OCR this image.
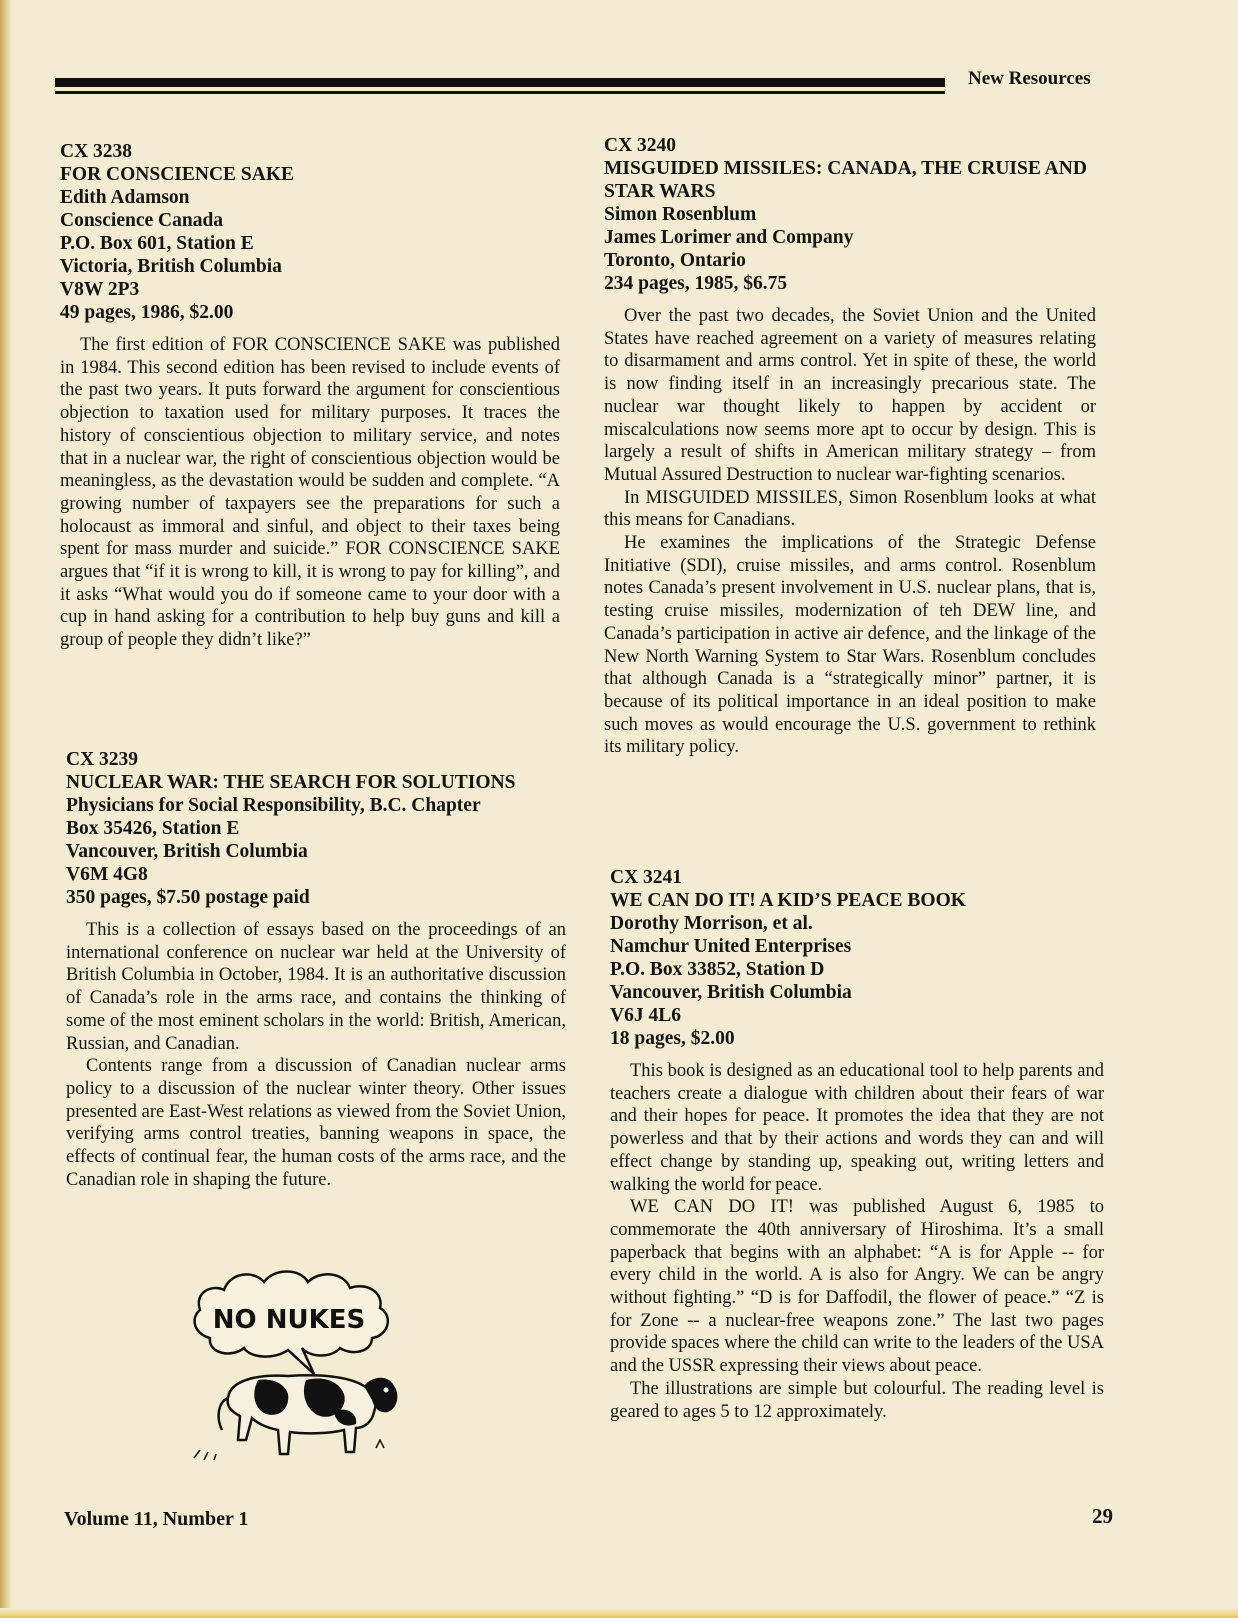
New Resources
CX 3238
FOR CONSCIENCE SAKE
Edith Adamson
Conscience Canada
P.O. Box 601, Station E
Victoria, British Columbia
V8W 2P3
49 pages, 1986, $2.00

The first edition of FOR CONSCIENCE SAKE was published in 1984. This second edition has been revised to include events of the past two years. It puts forward the argument for conscientious objection to taxation used for military purposes. It traces the history of conscientious objection to military service, and notes that in a nuclear war, the right of conscientious objection would be meaningless, as the devastation would be sudden and complete. “A growing number of taxpayers see the preparations for such a holocaust as immoral and sinful, and object to their taxes being spent for mass murder and suicide.” FOR CONSCIENCE SAKE argues that “if it is wrong to kill, it is wrong to pay for killing”, and it asks “What would you do if someone came to your door with a cup in hand asking for a contribution to help buy guns and kill a group of people they didn’t like?”

CX 3239
NUCLEAR WAR: THE SEARCH FOR SOLUTIONS
Physicians for Social Responsibility, B.C. Chapter
Box 35426, Station E
Vancouver, British Columbia
V6M 4G8
350 pages, $7.50 postage paid

This is a collection of essays based on the proceedings of an international conference on nuclear war held at the University of British Columbia in October, 1984. It is an authoritative discussion of Canada’s role in the arms race, and contains the thinking of some of the most eminent scholars in the world: British, American, Russian, and Canadian.

Contents range from a discussion of Canadian nuclear arms policy to a discussion of the nuclear winter theory. Other issues presented are East-West relations as viewed from the Soviet Union, verifying arms control treaties, banning weapons in space, the effects of continual fear, the human costs of the arms race, and the Canadian role in shaping the future.

CX 3240
MISGUIDED MISSILES: CANADA, THE CRUISE AND STAR WARS
Simon Rosenblum
James Lorimer and Company
Toronto, Ontario
234 pages, 1985, $6.75

Over the past two decades, the Soviet Union and the United States have reached agreement on a variety of measures relating to disarmament and arms control. Yet in spite of these, the world is now finding itself in an increasingly precarious state. The nuclear war thought likely to happen by accident or miscalculations now seems more apt to occur by design. This is largely a result of shifts in American military strategy – from Mutual Assured Destruction to nuclear war-fighting scenarios.

In MISGUIDED MISSILES, Simon Rosenblum looks at what this means for Canadians.

He examines the implications of the Strategic Defense Initiative (SDI), cruise missiles, and arms control. Rosenblum notes Canada’s present involvement in U.S. nuclear plans, that is, testing cruise missiles, modernization of teh DEW line, and Canada’s participation in active air defence, and the linkage of the New North Warning System to Star Wars. Rosenblum concludes that although Canada is a “strategically minor” partner, it is because of its political importance in an ideal position to make such moves as would encourage the U.S. government to rethink its military policy.

CX 3241
WE CAN DO IT! A KID’S PEACE BOOK
Dorothy Morrison, et al.
Namchur United Enterprises
P.O. Box 33852, Station D
Vancouver, British Columbia
V6J 4L6
18 pages, $2.00

This book is designed as an educational tool to help parents and teachers create a dialogue with children about their fears of war and their hopes for peace. It promotes the idea that they are not powerless and that by their actions and words they can and will effect change by standing up, speaking out, writing letters and walking the world for peace.

WE CAN DO IT! was published August 6, 1985 to commemorate the 40th anniversary of Hiroshima. It’s a small paperback that begins with an alphabet: “A is for Apple -- for every child in the world. A is also for Angry. We can be angry without fighting.” “D is for Daffodil, the flower of peace.” “Z is for Zone -- a nuclear-free weapons zone.” The last two pages provide spaces where the child can write to the leaders of the USA and the USSR expressing their views about peace.

The illustrations are simple but colourful. The reading level is geared to ages 5 to 12 approximately.

NO NUKES
Volume 11, Number 1	29
